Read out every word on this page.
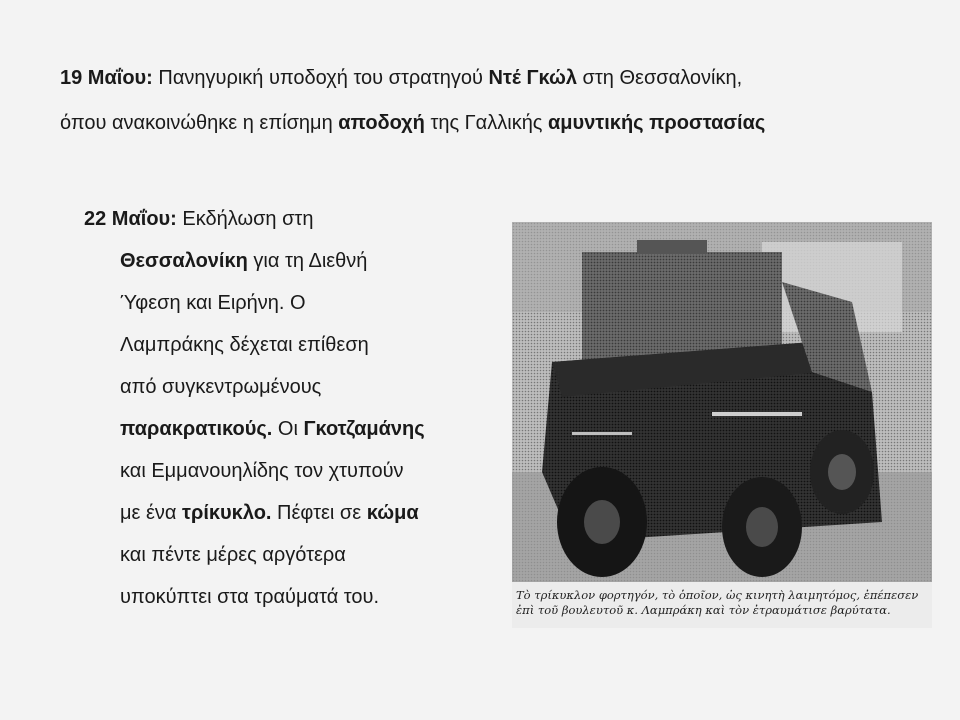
19 Μαΐου: Πανηγυρική υποδοχή του στρατηγού Ντέ Γκώλ στη Θεσσαλονίκη,
όπου ανακοινώθηκε η επίσημη αποδοχή της Γαλλικής αμυντικής προστασίας
22 Μαΐου: Εκδήλωση στη
Θεσσαλονίκη για τη Διεθνή
Ύφεση και Ειρήνη. Ο
Λαμπράκης δέχεται επίθεση
από συγκεντρωμένους
παρακρατικούς. Οι Γκοτζαμάνης
και Εμμανουηλίδης τον χτυπούν
με ένα τρίκυκλο. Πέφτει σε κώμα
και πέντε μέρες αργότερα
υποκύπτει στα τραύματά του.	Τὸ τρίκυκλον φορτηγόν, τὸ ὁποῖον, ὡς κινητὴ λαιμητόμος, ἐπέπεσεν ἐπὶ τοῦ βουλευτοῦ κ. Λαμπράκη καὶ τὸν ἐτραυμάτισε βαρύτατα.
